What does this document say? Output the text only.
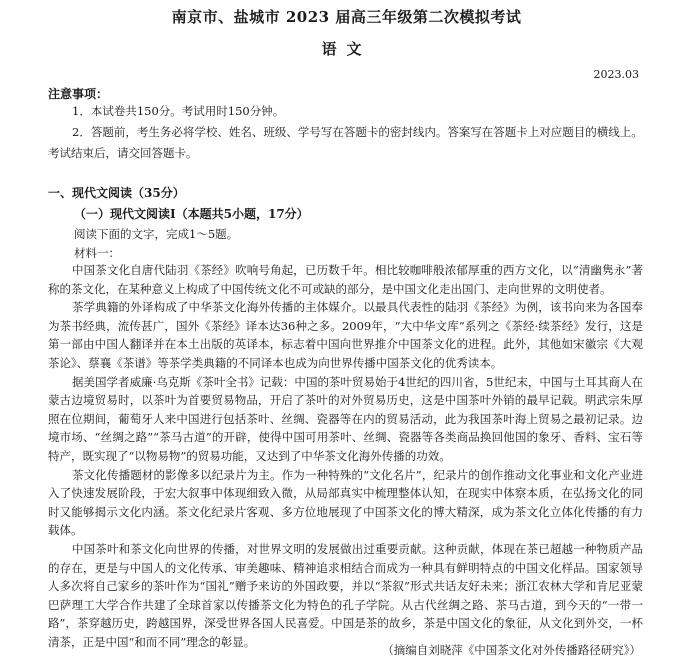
南京市、盐城市 2023 届高三年级第二次模拟考试
语文
2023.03
注意事项：
1．本试卷共150分。考试用时150分钟。
2．答题前，考生务必将学校、姓名、班级、学号写在答题卡的密封线内。答案写在答题卡上对应题目的横线上。考试结束后，请交回答题卡。
一、现代文阅读（35分）
（一）现代文阅读Ⅰ（本题共5小题，17分）
阅读下面的文字，完成1～5题。
材料一：

中国茶文化自唐代陆羽《茶经》吹响号角起，已历数千年。相比较咖啡般浓郁厚重的西方文化，以“清幽隽永”著称的茶文化，在某种意义上构成了中国传统文化不可或缺的部分，是中国文化走出国门、走向世界的文明使者。

茶学典籍的外译构成了中华茶文化海外传播的主体媒介。以最具代表性的陆羽《茶经》为例，该书向来为各国奉为茶书经典，流传甚广，国外《茶经》译本达36种之多。2009年，“大中华文库”系列之《茶经·续茶经》发行，这是第一部由中国人翻译并在本土出版的英译本，标志着中国向世界推介中国茶文化的进程。此外，其他如宋徽宗《大观茶论》、蔡襄《茶谱》等茶学类典籍的不同译本也成为向世界传播中国茶文化的优秀读本。

据美国学者威廉·乌克斯《茶叶全书》记载：中国的茶叶贸易始于4世纪的四川省，5世纪末，中国与土耳其商人在蒙古边境贸易时，以茶叶为首要贸易物品，开启了茶叶的对外贸易历史，这是中国茶叶外销的最早记载。明武宗朱厚照在位期间，葡萄牙人来中国进行包括茶叶、丝绸、瓷器等在内的贸易活动，此为我国茶叶海上贸易之最初记录。边境市场、“丝绸之路”“茶马古道”的开辟，使得中国可用茶叶、丝绸、瓷器等各类商品换回他国的象牙、香料、宝石等特产，既实现了“以物易物”的贸易功能，又达到了中华茶文化海外传播的功效。

茶文化传播题材的影像多以纪录片为主。作为一种特殊的“文化名片”，纪录片的创作推动文化事业和文化产业进入了快速发展阶段，于宏大叙事中体现细致入微，从局部真实中梳理整体认知，在现实中体察本质，在弘扬文化的同时又能够揭示文化内涵。茶文化纪录片客观、多方位地展现了中国茶文化的博大精深，成为茶文化立体化传播的有力载体。

中国茶叶和茶文化向世界的传播，对世界文明的发展做出过重要贡献。这种贡献，体现在茶已超越一种物质产品的存在，更是与中国人的文化传承、审美趣味、精神追求相结合而成为一种具有鲜明特点的中国文化样品。国家领导人多次将自己家乡的茶叶作为“国礼”赠予来访的外国政要，并以“茶叙”形式共话友好未来；浙江农林大学和肯尼亚蒙巴萨理工大学合作共建了全球首家以传播茶文化为特色的孔子学院。从古代丝绸之路、茶马古道，到今天的“一带一路”，茶穿越历史，跨越国界，深受世界各国人民喜爱。中国是茶的故乡，茶是中国文化的象征，从文化到外交，一杯清茶，正是中国“和而不同”理念的彰显。

（摘编自刘晓萍《中国茶文化对外传播路径研究》）
